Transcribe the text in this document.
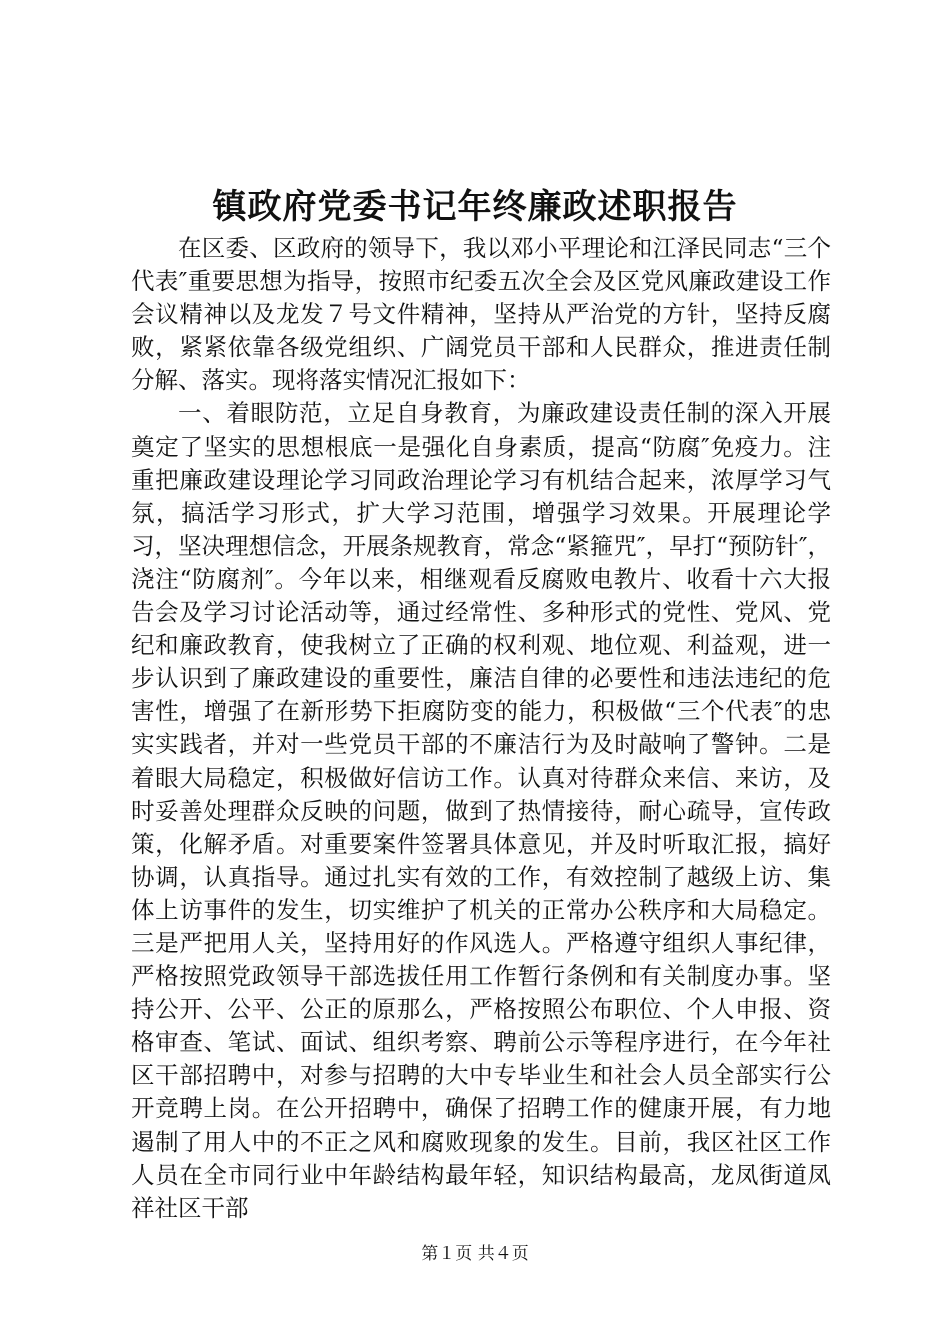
镇政府党委书记年终廉政述职报告

在区委、区政府的领导下，我以邓小平理论和江泽民同志“三个代表″重要思想为指导，按照市纪委五次全会及区党风廉政建设工作会议精神以及龙发７号文件精神，坚持从严治党的方针，坚持反腐败，紧紧依靠各级党组织、广阔党员干部和人民群众，推进责任制分解、落实。现将落实情况汇报如下：

一、着眼防范，立足自身教育，为廉政建设责任制的深入开展奠定了坚实的思想根底一是强化自身素质，提高“防腐″免疫力。注重把廉政建设理论学习同政治理论学习有机结合起来，浓厚学习气氛，搞活学习形式，扩大学习范围，增强学习效果。开展理论学习，坚决理想信念，开展条规教育，常念“紧箍咒″，早打“预防针″，浇注“防腐剂″。今年以来，相继观看反腐败电教片、收看十六大报告会及学习讨论活动等，通过经常性、多种形式的党性、党风、党纪和廉政教育，使我树立了正确的权利观、地位观、利益观，进一步认识到了廉政建设的重要性，廉洁自律的必要性和违法违纪的危害性，增强了在新形势下拒腐防变的能力，积极做“三个代表″的忠实实践者，并对一些党员干部的不廉洁行为及时敲响了警钟。二是着眼大局稳定，积极做好信访工作。认真对待群众来信、来访，及时妥善处理群众反映的问题，做到了热情接待，耐心疏导，宣传政策，化解矛盾。对重要案件签署具体意见，并及时听取汇报，搞好协调，认真指导。通过扎实有效的工作，有效控制了越级上访、集体上访事件的发生，切实维护了机关的正常办公秩序和大局稳定。三是严把用人关，坚持用好的作风选人。严格遵守组织人事纪律，严格按照党政领导干部选拔任用工作暂行条例和有关制度办事。坚持公开、公平、公正的原那么，严格按照公布职位、个人申报、资格审查、笔试、面试、组织考察、聘前公示等程序进行，在今年社区干部招聘中，对参与招聘的大中专毕业生和社会人员全部实行公开竞聘上岗。在公开招聘中，确保了招聘工作的健康开展，有力地遏制了用人中的不正之风和腐败现象的发生。目前，我区社区工作人员在全市同行业中年龄结构最年轻，知识结构最高，龙凤街道凤祥社区干部

第１页 共４页
